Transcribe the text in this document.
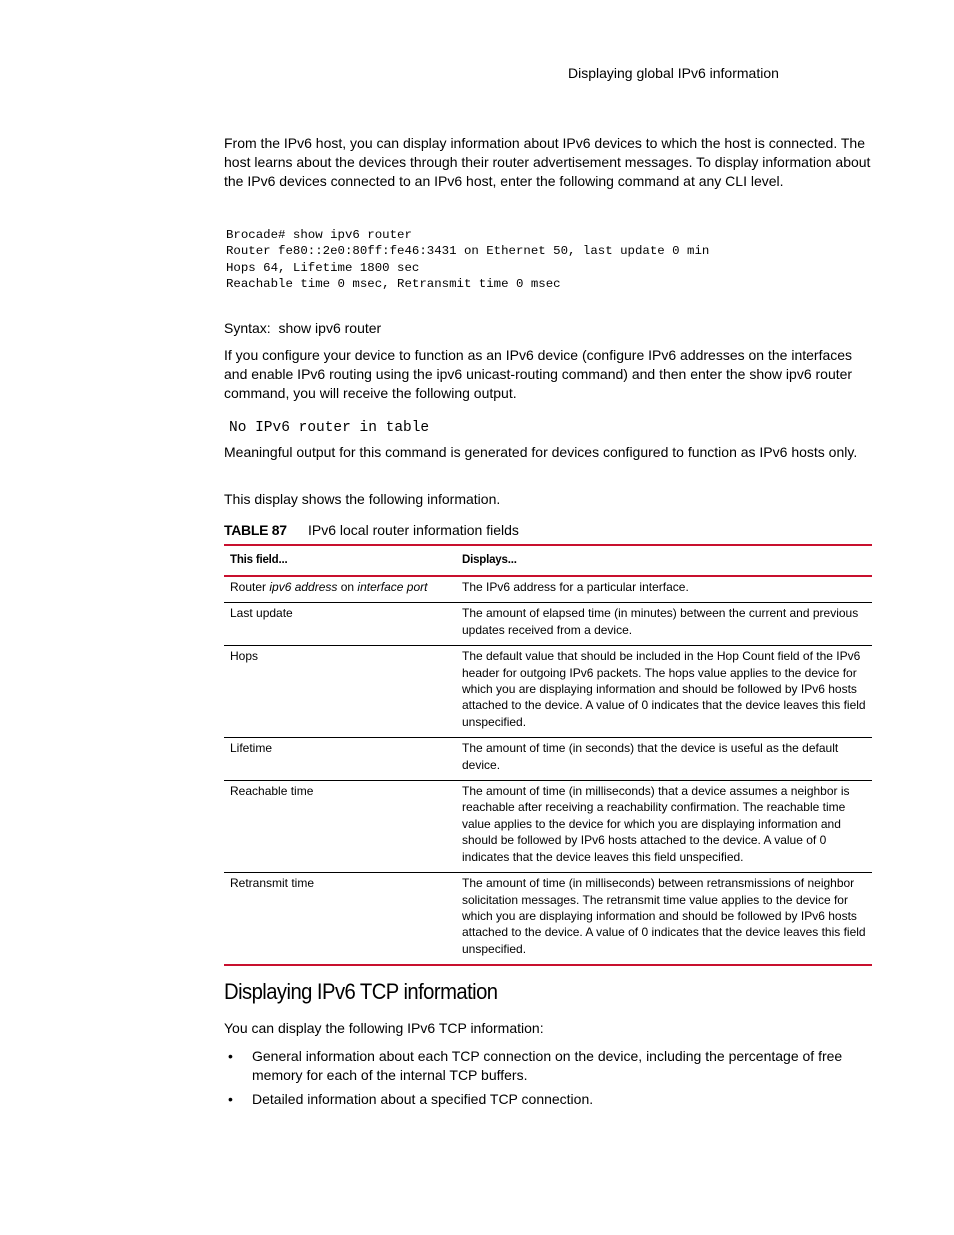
Displaying global IPv6 information
From the IPv6 host, you can display information about IPv6 devices to which the host is connected. The host learns about the devices through their router advertisement messages. To display information about the IPv6 devices connected to an IPv6 host, enter the following command at any CLI level.
Brocade# show ipv6 router
Router fe80::2e0:80ff:fe46:3431 on Ethernet 50, last update 0 min
Hops 64, Lifetime 1800 sec
Reachable time 0 msec, Retransmit time 0 msec
Syntax: show ipv6 router
If you configure your device to function as an IPv6 device (configure IPv6 addresses on the interfaces and enable IPv6 routing using the ipv6 unicast-routing command) and then enter the show ipv6 router command, you will receive the following output.
No IPv6 router in table
Meaningful output for this command is generated for devices configured to function as IPv6 hosts only.
This display shows the following information.
TABLE 87 IPv6 local router information fields
This field...	Displays...
Router ipv6 address on interface port	The IPv6 address for a particular interface.
Last update	The amount of elapsed time (in minutes) between the current and previous updates received from a device.
Hops	The default value that should be included in the Hop Count field of the IPv6 header for outgoing IPv6 packets. The hops value applies to the device for which you are displaying information and should be followed by IPv6 hosts attached to the device. A value of 0 indicates that the device leaves this field unspecified.
Lifetime	The amount of time (in seconds) that the device is useful as the default device.
Reachable time	The amount of time (in milliseconds) that a device assumes a neighbor is reachable after receiving a reachability confirmation. The reachable time value applies to the device for which you are displaying information and should be followed by IPv6 hosts attached to the device. A value of 0 indicates that the device leaves this field unspecified.
Retransmit time	The amount of time (in milliseconds) between retransmissions of neighbor solicitation messages. The retransmit time value applies to the device for which you are displaying information and should be followed by IPv6 hosts attached to the device. A value of 0 indicates that the device leaves this field unspecified.
Displaying IPv6 TCP information
You can display the following IPv6 TCP information:
• General information about each TCP connection on the device, including the percentage of free memory for each of the internal TCP buffers.
• Detailed information about a specified TCP connection.
